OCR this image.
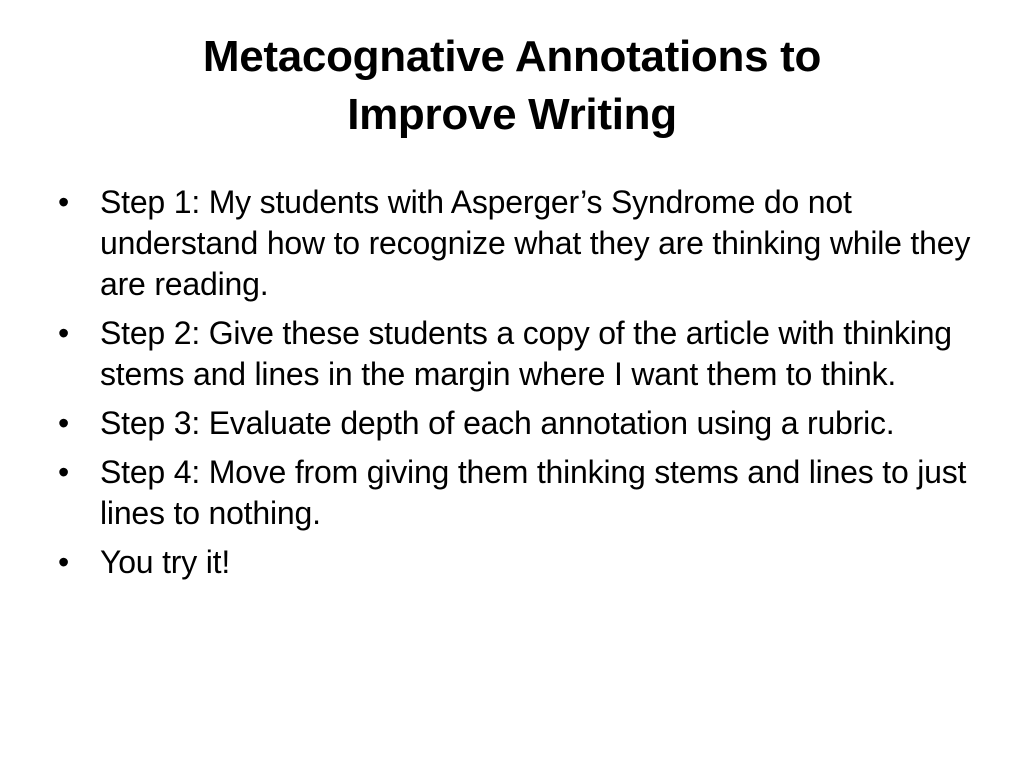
Metacognative Annotations to
Improve Writing
• Step 1: My students with Asperger’s Syndrome do not understand how to recognize what they are thinking while they are reading.
• Step 2: Give these students a copy of the article with thinking stems and lines in the margin where I want them to think.
• Step 3: Evaluate depth of each annotation using a rubric.
• Step 4: Move from giving them thinking stems and lines to just lines to nothing.
• You try it!
